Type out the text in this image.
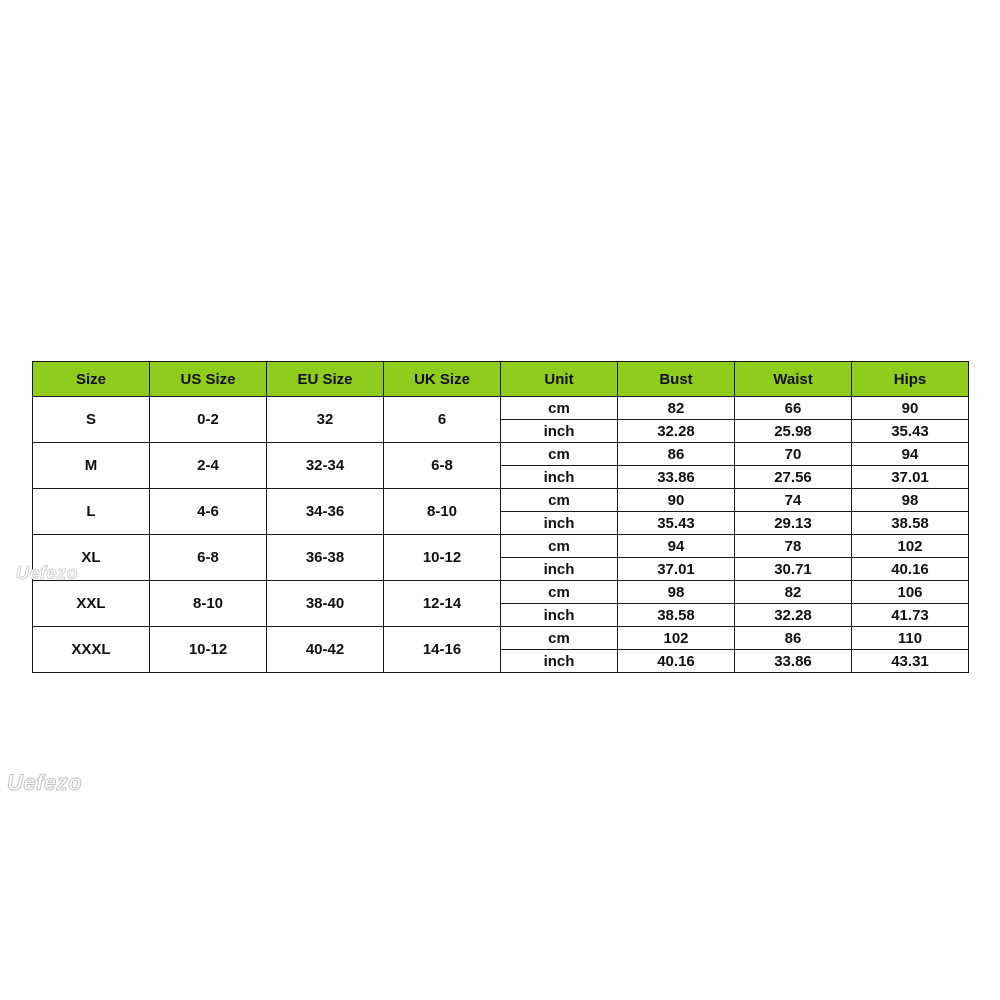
Size	US Size	EU Size	UK Size	Unit	Bust	Waist	Hips
S	0-2	32	6	cm	82	66	90
				inch	32.28	25.98	35.43
M	2-4	32-34	6-8	cm	86	70	94
				inch	33.86	27.56	37.01
L	4-6	34-36	8-10	cm	90	74	98
				inch	35.43	29.13	38.58
XL	6-8	36-38	10-12	cm	94	78	102
				inch	37.01	30.71	40.16
XXL	8-10	38-40	12-14	cm	98	82	106
				inch	38.58	32.28	41.73
XXXL	10-12	40-42	14-16	cm	102	86	110
				inch	40.16	33.86	43.31
Uefezo
Uefezo
